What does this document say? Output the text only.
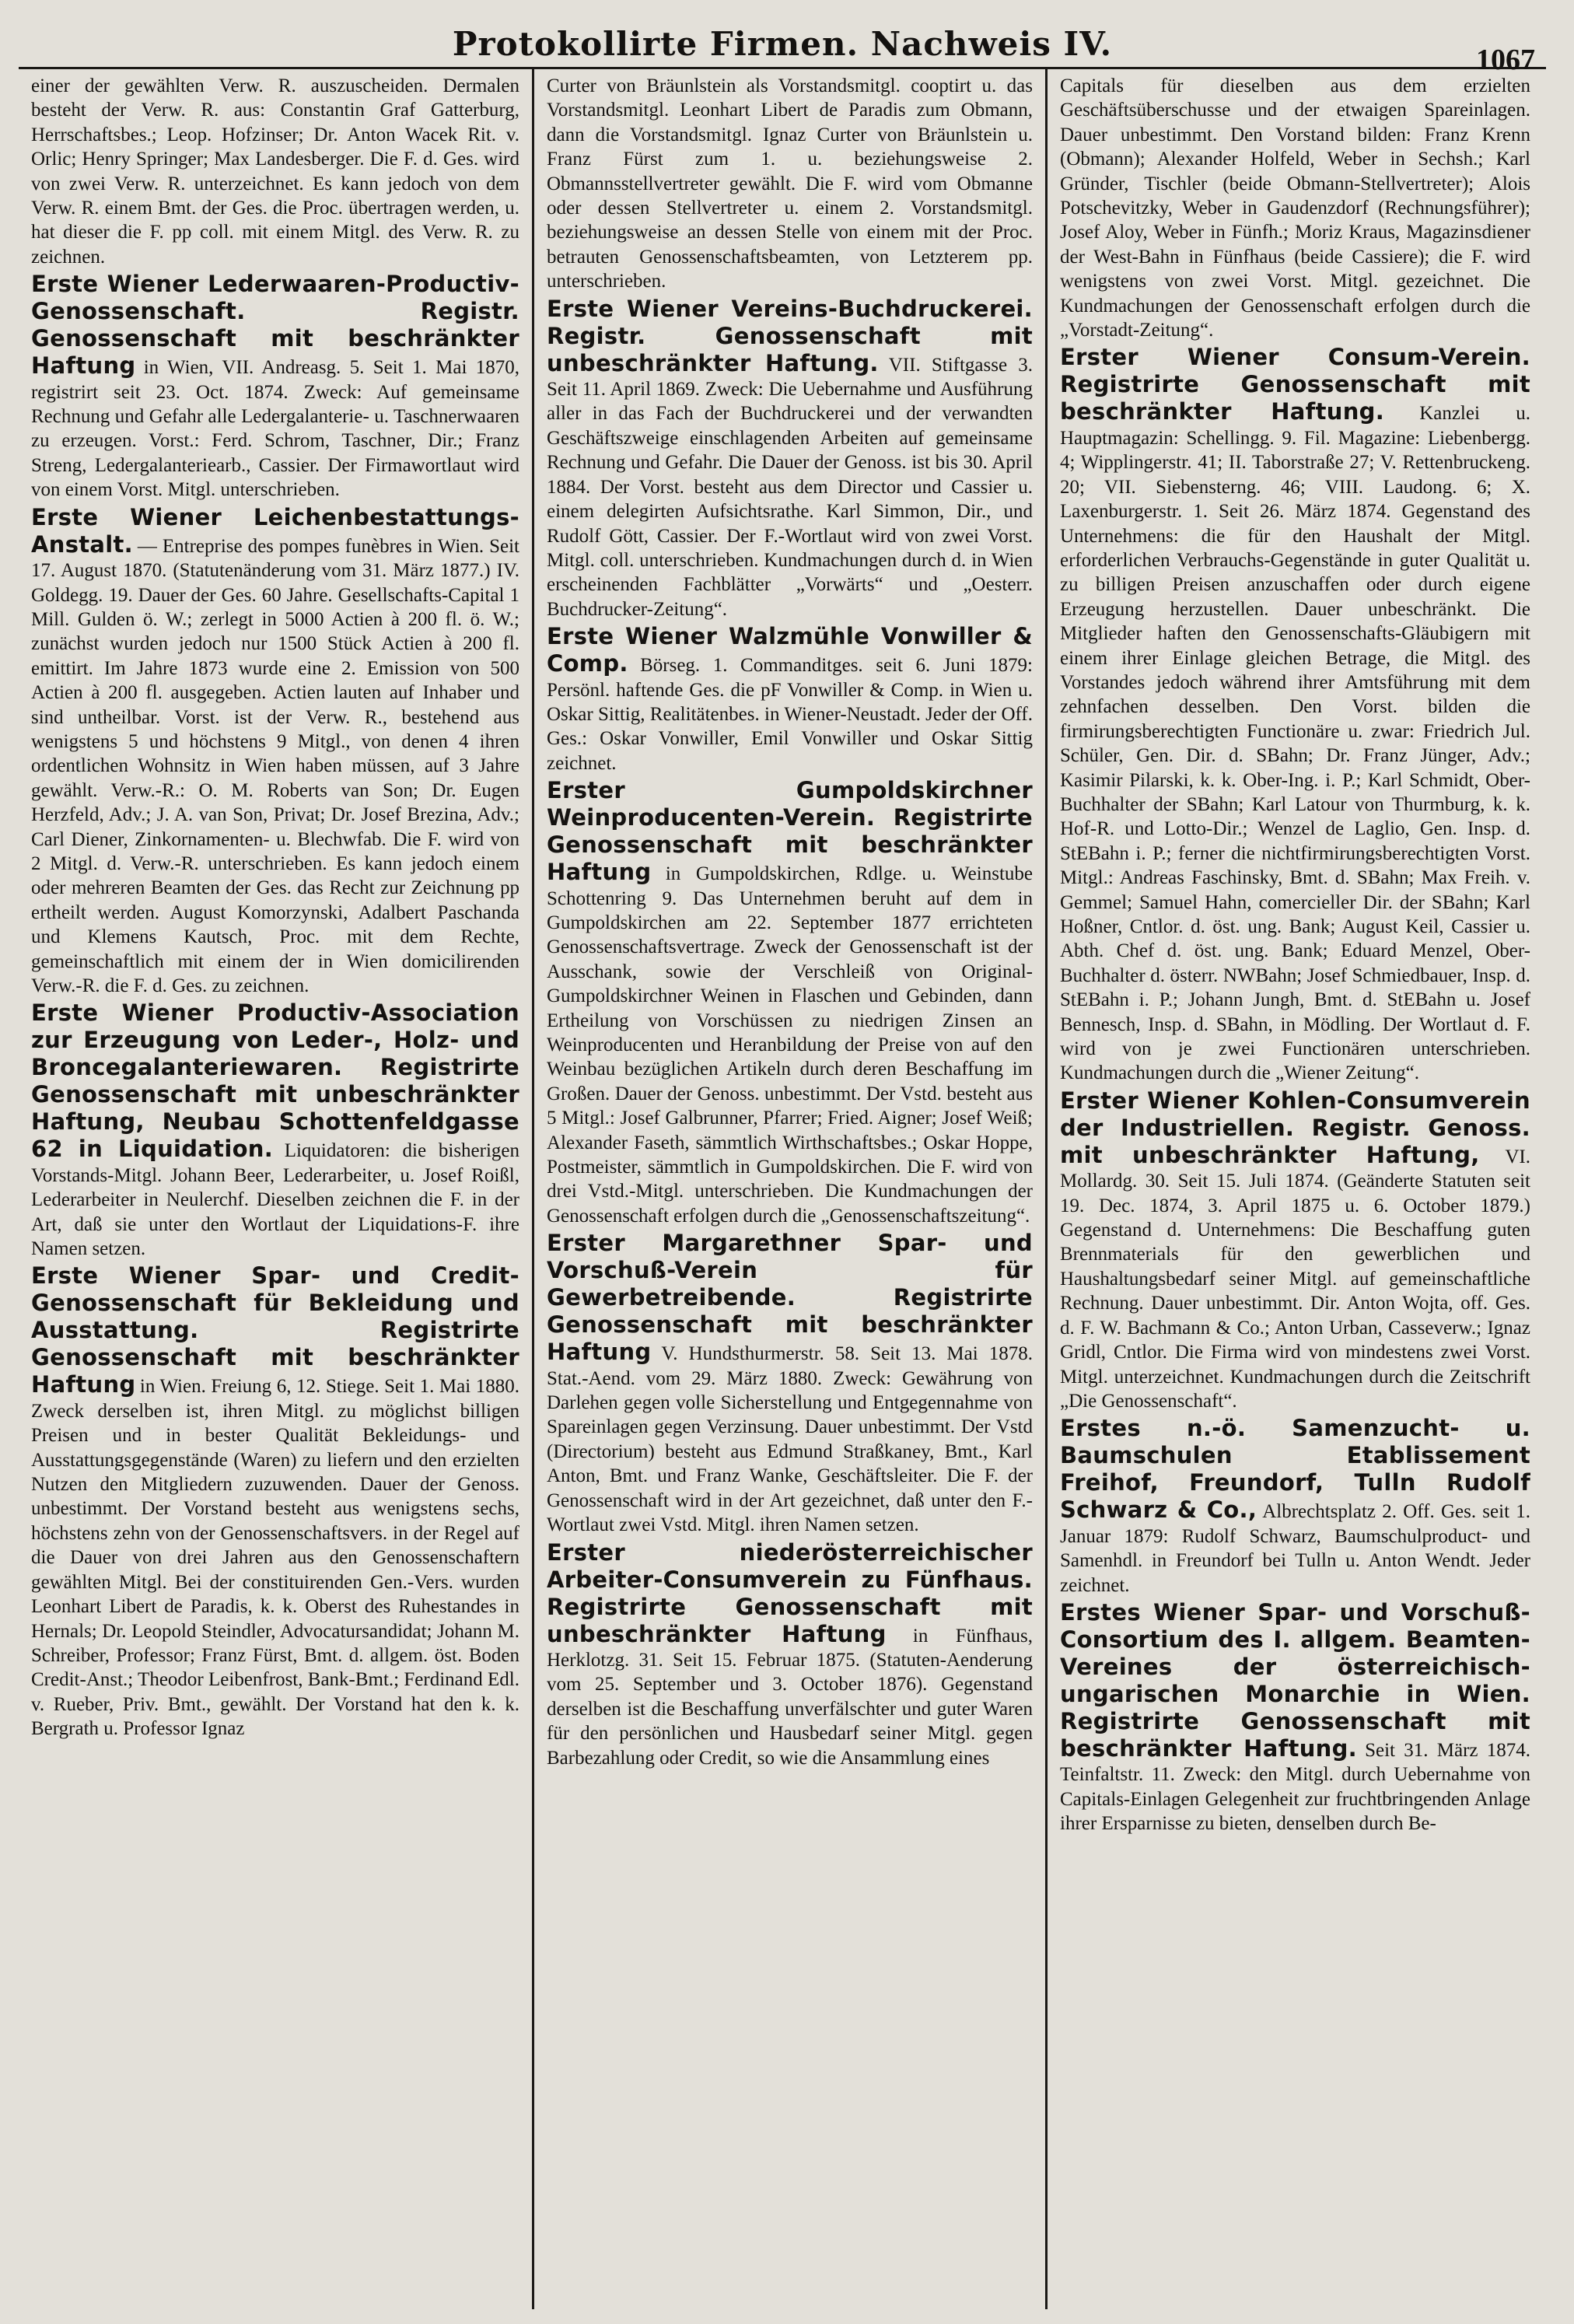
Protokollirte Firmen. Nachweis IV.	1067

einer der gewählten Verw. R. auszuscheiden. Dermalen besteht der Verw. R. aus: Constantin Graf Gatterburg, Herrschaftsbes.; Leop. Hofzinser; Dr. Anton Wacek Rit. v. Orlic; Henry Springer; Max Landesberger. Die F. d. Ges. wird von zwei Verw. R. unterzeichnet. Es kann jedoch von dem Verw. R. einem Bmt. der Ges. die Proc. übertragen werden, u. hat dieser die F. pp coll. mit einem Mitgl. des Verw. R. zu zeichnen.

Erste Wiener Lederwaaren-Productiv-Genossenschaft. Registr. Genossenschaft mit beschränkter Haftung in Wien, VII. Andreasg. 5. Seit 1. Mai 1870, registrirt seit 23. Oct. 1874. Zweck: Auf gemeinsame Rechnung und Gefahr alle Ledergalanterie- u. Taschnerwaaren zu erzeugen. Vorst.: Ferd. Schrom, Taschner, Dir.; Franz Streng, Ledergalanteriearb., Cassier. Der Firmawortlaut wird von einem Vorst. Mitgl. unterschrieben.

Erste Wiener Leichenbestattungs-Anstalt. — Entreprise des pompes funèbres in Wien. Seit 17. August 1870. (Statutenänderung vom 31. März 1877.) IV. Goldegg. 19. Dauer der Ges. 60 Jahre. Gesellschafts-Capital 1 Mill. Gulden ö. W.; zerlegt in 5000 Actien à 200 fl. ö. W.; zunächst wurden jedoch nur 1500 Stück Actien à 200 fl. emittirt. Im Jahre 1873 wurde eine 2. Emission von 500 Actien à 200 fl. ausgegeben. Actien lauten auf Inhaber und sind untheilbar. Vorst. ist der Verw. R., bestehend aus wenigstens 5 und höchstens 9 Mitgl., von denen 4 ihren ordentlichen Wohnsitz in Wien haben müssen, auf 3 Jahre gewählt. Verw.-R.: O. M. Roberts van Son; Dr. Eugen Herzfeld, Adv.; J. A. van Son, Privat; Dr. Josef Brezina, Adv.; Carl Diener, Zinkornamenten- u. Blechwfab. Die F. wird von 2 Mitgl. d. Verw.-R. unterschrieben. Es kann jedoch einem oder mehreren Beamten der Ges. das Recht zur Zeichnung pp ertheilt werden. August Komorzynski, Adalbert Paschanda und Klemens Kautsch, Proc. mit dem Rechte, gemeinschaftlich mit einem der in Wien domicilirenden Verw.-R. die F. d. Ges. zu zeichnen.

Erste Wiener Productiv-Association zur Erzeugung von Leder-, Holz- und Broncegalanteriewaren. Registrirte Genossenschaft mit unbeschränkter Haftung, Neubau Schottenfeldgasse 62 in Liquidation. Liquidatoren: die bisherigen Vorstands-Mitgl. Johann Beer, Lederarbeiter, u. Josef Roißl, Lederarbeiter in Neulerchf. Dieselben zeichnen die F. in der Art, daß sie unter den Wortlaut der Liquidations-F. ihre Namen setzen.

Erste Wiener Spar- und Credit-Genossenschaft für Bekleidung und Ausstattung. Registrirte Genossenschaft mit beschränkter Haftung in Wien. Freiung 6, 12. Stiege. Seit 1. Mai 1880. Zweck derselben ist, ihren Mitgl. zu möglichst billigen Preisen und in bester Qualität Bekleidungs- und Ausstattungsgegenstände (Waren) zu liefern und den erzielten Nutzen den Mitgliedern zuzuwenden. Dauer der Genoss. unbestimmt. Der Vorstand besteht aus wenigstens sechs, höchstens zehn von der Genossenschaftsvers. in der Regel auf die Dauer von drei Jahren aus den Genossenschaftern gewählten Mitgl. Bei der constituirenden Gen.-Vers. wurden Leonhart Libert de Paradis, k. k. Oberst des Ruhestandes in Hernals; Dr. Leopold Steindler, Advocatursandidat; Johann M. Schreiber, Professor; Franz Fürst, Bmt. d. allgem. öst. Boden Credit-Anst.; Theodor Leibenfrost, Bank-Bmt.; Ferdinand Edl. v. Rueber, Priv. Bmt., gewählt. Der Vorstand hat den k. k. Bergrath u. Professor Ignaz

Curter von Bräunlstein als Vorstandsmitgl. cooptirt u. das Vorstandsmitgl. Leonhart Libert de Paradis zum Obmann, dann die Vorstandsmitgl. Ignaz Curter von Bräunlstein u. Franz Fürst zum 1. u. beziehungsweise 2. Obmannsstellvertreter gewählt. Die F. wird vom Obmanne oder dessen Stellvertreter u. einem 2. Vorstandsmitgl. beziehungsweise an dessen Stelle von einem mit der Proc. betrauten Genossenschaftsbeamten, von Letzterem pp. unterschrieben.

Erste Wiener Vereins-Buchdruckerei. Registr. Genossenschaft mit unbeschränkter Haftung. VII. Stiftgasse 3. Seit 11. April 1869. Zweck: Die Uebernahme und Ausführung aller in das Fach der Buchdruckerei und der verwandten Geschäftszweige einschlagenden Arbeiten auf gemeinsame Rechnung und Gefahr. Die Dauer der Genoss. ist bis 30. April 1884. Der Vorst. besteht aus dem Director und Cassier u. einem delegirten Aufsichtsrathe. Karl Simmon, Dir., und Rudolf Gött, Cassier. Der F.-Wortlaut wird von zwei Vorst. Mitgl. coll. unterschrieben. Kundmachungen durch d. in Wien erscheinenden Fachblätter „Vorwärts“ und „Oesterr. Buchdrucker-Zeitung“.

Erste Wiener Walzmühle Vonwiller & Comp. Börseg. 1. Commanditges. seit 6. Juni 1879: Persönl. haftende Ges. die pF Vonwiller & Comp. in Wien u. Oskar Sittig, Realitätenbes. in Wiener-Neustadt. Jeder der Off. Ges.: Oskar Vonwiller, Emil Vonwiller und Oskar Sittig zeichnet.

Erster Gumpoldskirchner Weinproducenten-Verein. Registrirte Genossenschaft mit beschränkter Haftung in Gumpoldskirchen, Rdlge. u. Weinstube Schottenring 9. Das Unternehmen beruht auf dem in Gumpoldskirchen am 22. September 1877 errichteten Genossenschaftsvertrage. Zweck der Genossenschaft ist der Ausschank, sowie der Verschleiß von Original-Gumpoldskirchner Weinen in Flaschen und Gebinden, dann Ertheilung von Vorschüssen zu niedrigen Zinsen an Weinproducenten und Heranbildung der Preise von auf den Weinbau bezüglichen Artikeln durch deren Beschaffung im Großen. Dauer der Genoss. unbestimmt. Der Vstd. besteht aus 5 Mitgl.: Josef Galbrunner, Pfarrer; Fried. Aigner; Josef Weiß; Alexander Faseth, sämmtlich Wirthschaftsbes.; Oskar Hoppe, Postmeister, sämmtlich in Gumpoldskirchen. Die F. wird von drei Vstd.-Mitgl. unterschrieben. Die Kundmachungen der Genossenschaft erfolgen durch die „Genossenschaftszeitung“.

Erster Margarethner Spar- und Vorschuß-Verein für Gewerbetreibende. Registrirte Genossenschaft mit beschränkter Haftung V. Hundsthurmerstr. 58. Seit 13. Mai 1878. Stat.-Aend. vom 29. März 1880. Zweck: Gewährung von Darlehen gegen volle Sicherstellung und Entgegennahme von Spareinlagen gegen Verzinsung. Dauer unbestimmt. Der Vstd (Directorium) besteht aus Edmund Straßkaney, Bmt., Karl Anton, Bmt. und Franz Wanke, Geschäftsleiter. Die F. der Genossenschaft wird in der Art gezeichnet, daß unter den F.-Wortlaut zwei Vstd. Mitgl. ihren Namen setzen.

Erster niederösterreichischer Arbeiter-Consumverein zu Fünfhaus. Registrirte Genossenschaft mit unbeschränkter Haftung in Fünfhaus, Herklotzg. 31. Seit 15. Februar 1875. (Statuten-Aenderung vom 25. September und 3. October 1876). Gegenstand derselben ist die Beschaffung unverfälschter und guter Waren für den persönlichen und Hausbedarf seiner Mitgl. gegen Barbezahlung oder Credit, so wie die Ansammlung eines

Capitals für dieselben aus dem erzielten Geschäftsüberschusse und der etwaigen Spareinlagen. Dauer unbestimmt. Den Vorstand bilden: Franz Krenn (Obmann); Alexander Holfeld, Weber in Sechsh.; Karl Gründer, Tischler (beide Obmann-Stellvertreter); Alois Potschevitzky, Weber in Gaudenzdorf (Rechnungsführer); Josef Aloy, Weber in Fünfh.; Moriz Kraus, Magazinsdiener der West-Bahn in Fünfhaus (beide Cassiere); die F. wird wenigstens von zwei Vorst. Mitgl. gezeichnet. Die Kundmachungen der Genossenschaft erfolgen durch die „Vorstadt-Zeitung“.

Erster Wiener Consum-Verein. Registrirte Genossenschaft mit beschränkter Haftung. Kanzlei u. Hauptmagazin: Schellingg. 9. Fil. Magazine: Liebenbergg. 4; Wipplingerstr. 41; II. Taborstraße 27; V. Rettenbruckeng. 20; VII. Siebensterng. 46; VIII. Laudong. 6; X. Laxenburgerstr. 1. Seit 26. März 1874. Gegenstand des Unternehmens: die für den Haushalt der Mitgl. erforderlichen Verbrauchs-Gegenstände in guter Qualität u. zu billigen Preisen anzuschaffen oder durch eigene Erzeugung herzustellen. Dauer unbeschränkt. Die Mitglieder haften den Genossenschafts-Gläubigern mit einem ihrer Einlage gleichen Betrage, die Mitgl. des Vorstandes jedoch während ihrer Amtsführung mit dem zehnfachen desselben. Den Vorst. bilden die firmirungsberechtigten Functionäre u. zwar: Friedrich Jul. Schüler, Gen. Dir. d. SBahn; Dr. Franz Jünger, Adv.; Kasimir Pilarski, k. k. Ober-Ing. i. P.; Karl Schmidt, Ober-Buchhalter der SBahn; Karl Latour von Thurmburg, k. k. Hof-R. und Lotto-Dir.; Wenzel de Laglio, Gen. Insp. d. StEBahn i. P.; ferner die nichtfirmirungsberechtigten Vorst. Mitgl.: Andreas Faschinsky, Bmt. d. SBahn; Max Freih. v. Gemmel; Samuel Hahn, comercieller Dir. der SBahn; Karl Hoßner, Cntlor. d. öst. ung. Bank; August Keil, Cassier u. Abth. Chef d. öst. ung. Bank; Eduard Menzel, Ober-Buchhalter d. österr. NWBahn; Josef Schmiedbauer, Insp. d. StEBahn i. P.; Johann Jungh, Bmt. d. StEBahn u. Josef Bennesch, Insp. d. SBahn, in Mödling. Der Wortlaut d. F. wird von je zwei Functionären unterschrieben. Kundmachungen durch die „Wiener Zeitung“.

Erster Wiener Kohlen-Consumverein der Industriellen. Registr. Genoss. mit unbeschränkter Haftung, VI. Mollardg. 30. Seit 15. Juli 1874. (Geänderte Statuten seit 19. Dec. 1874, 3. April 1875 u. 6. October 1879.) Gegenstand d. Unternehmens: Die Beschaffung guten Brennmaterials für den gewerblichen und Haushaltungsbedarf seiner Mitgl. auf gemeinschaftliche Rechnung. Dauer unbestimmt. Dir. Anton Wojta, off. Ges. d. F. W. Bachmann & Co.; Anton Urban, Casseverw.; Ignaz Gridl, Cntlor. Die Firma wird von mindestens zwei Vorst. Mitgl. unterzeichnet. Kundmachungen durch die Zeitschrift „Die Genossenschaft“.

Erstes n.-ö. Samenzucht- u. Baumschulen Etablissement Freihof, Freundorf, Tulln Rudolf Schwarz & Co., Albrechtsplatz 2. Off. Ges. seit 1. Januar 1879: Rudolf Schwarz, Baumschulproduct- und Samenhdl. in Freundorf bei Tulln u. Anton Wendt. Jeder zeichnet.

Erstes Wiener Spar- und Vorschuß-Consortium des I. allgem. Beamten-Vereines der österreichisch-ungarischen Monarchie in Wien. Registrirte Genossenschaft mit beschränkter Haftung. Seit 31. März 1874. Teinfaltstr. 11. Zweck: den Mitgl. durch Uebernahme von Capitals-Einlagen Gelegenheit zur fruchtbringenden Anlage ihrer Ersparnisse zu bieten, denselben durch Be-
